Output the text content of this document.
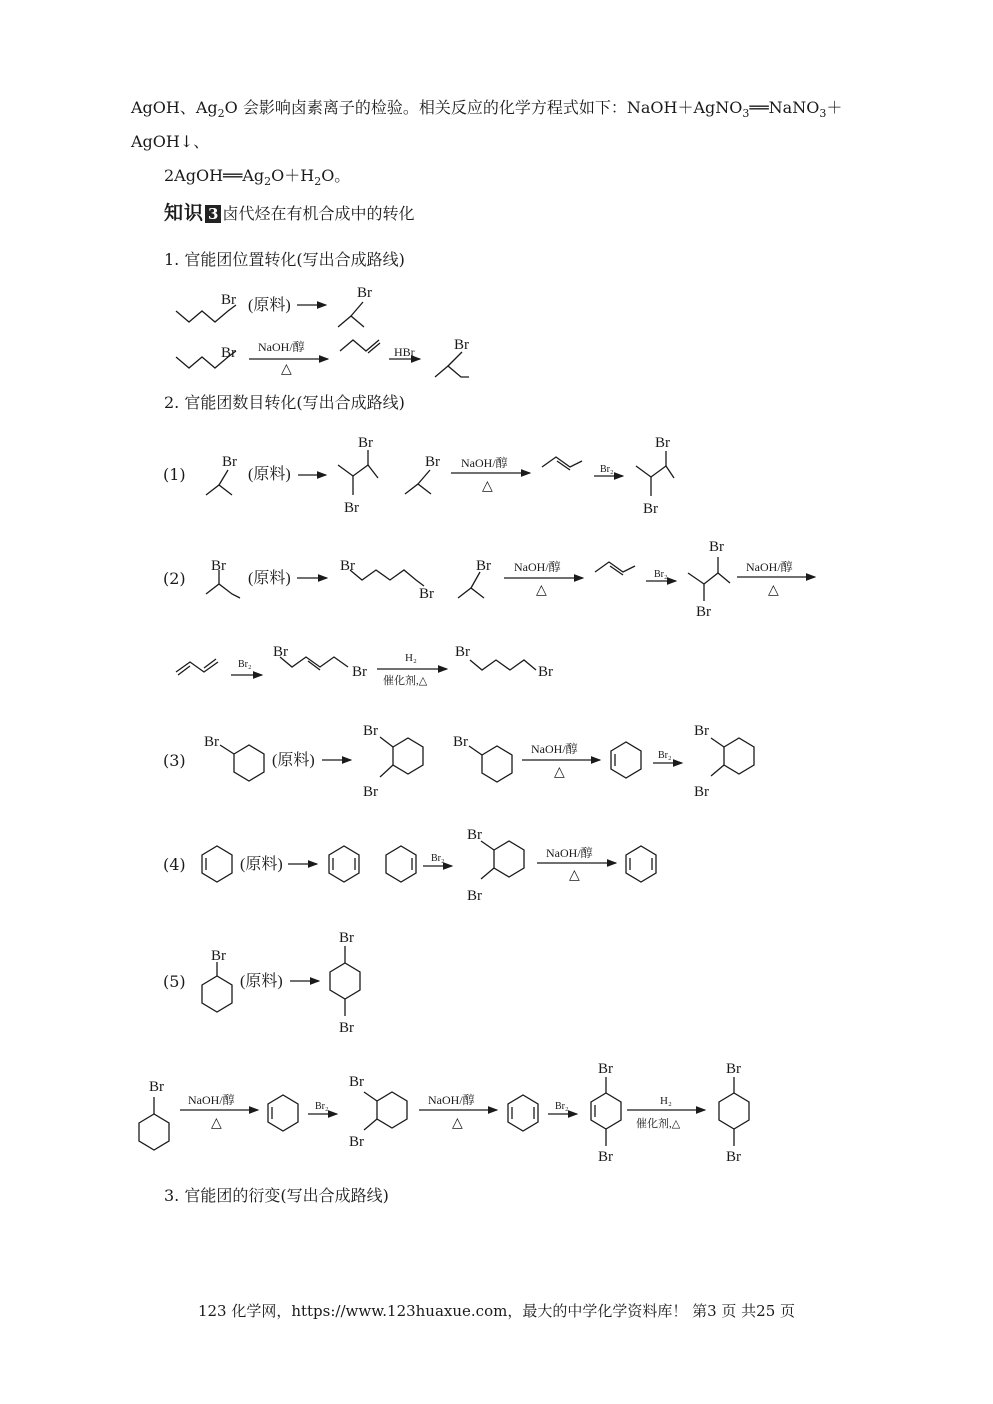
AgOH、$Ag_2O$ 会影响卤素离子的检验。相关反应的化学方程式如下：NaOH＋AgNO$_3$══NaNO$_3$＋
AgOH↓、
$2AgOH══Ag_2O+H_2O$。
知识 3 卤代烃在有机合成中的转化
1. 官能团位置转化(写出合成路线)
2. 官能团数目转化(写出合成路线)
3. 官能团的衍变(写出合成路线)
(1)
(2)
(3)
(4)
(5)
Br (原料)
Br
Br NaOH/醇
△
HBr	Br
Br
(原料)
Br
Br
Br NaOH/醇
△
Br₂
Br
Br
Br
(原料)
Br
Br
Br NaOH/醇
△
Br₂
Br
Br
NaOH/醇
△
Br₂
Br
Br
H₂
催化剂,△
Br
Br
Br
(原料)
Br
Br
Br	NaOH/醇
△
Br₂
Br
Br
(原料)	Br₂
Br
Br
NaOH/醇
△
Br
(原料)
Br
Br
Br
NaOH/醇
△
Br₂
Br
Br
NaOH/醇
△
Br₂
Br
Br
H₂
催化剂,△
Br
Br
123 化学网，https://www.123huaxue.com，最大的中学化学资料库！ 第3 页 共25 页
